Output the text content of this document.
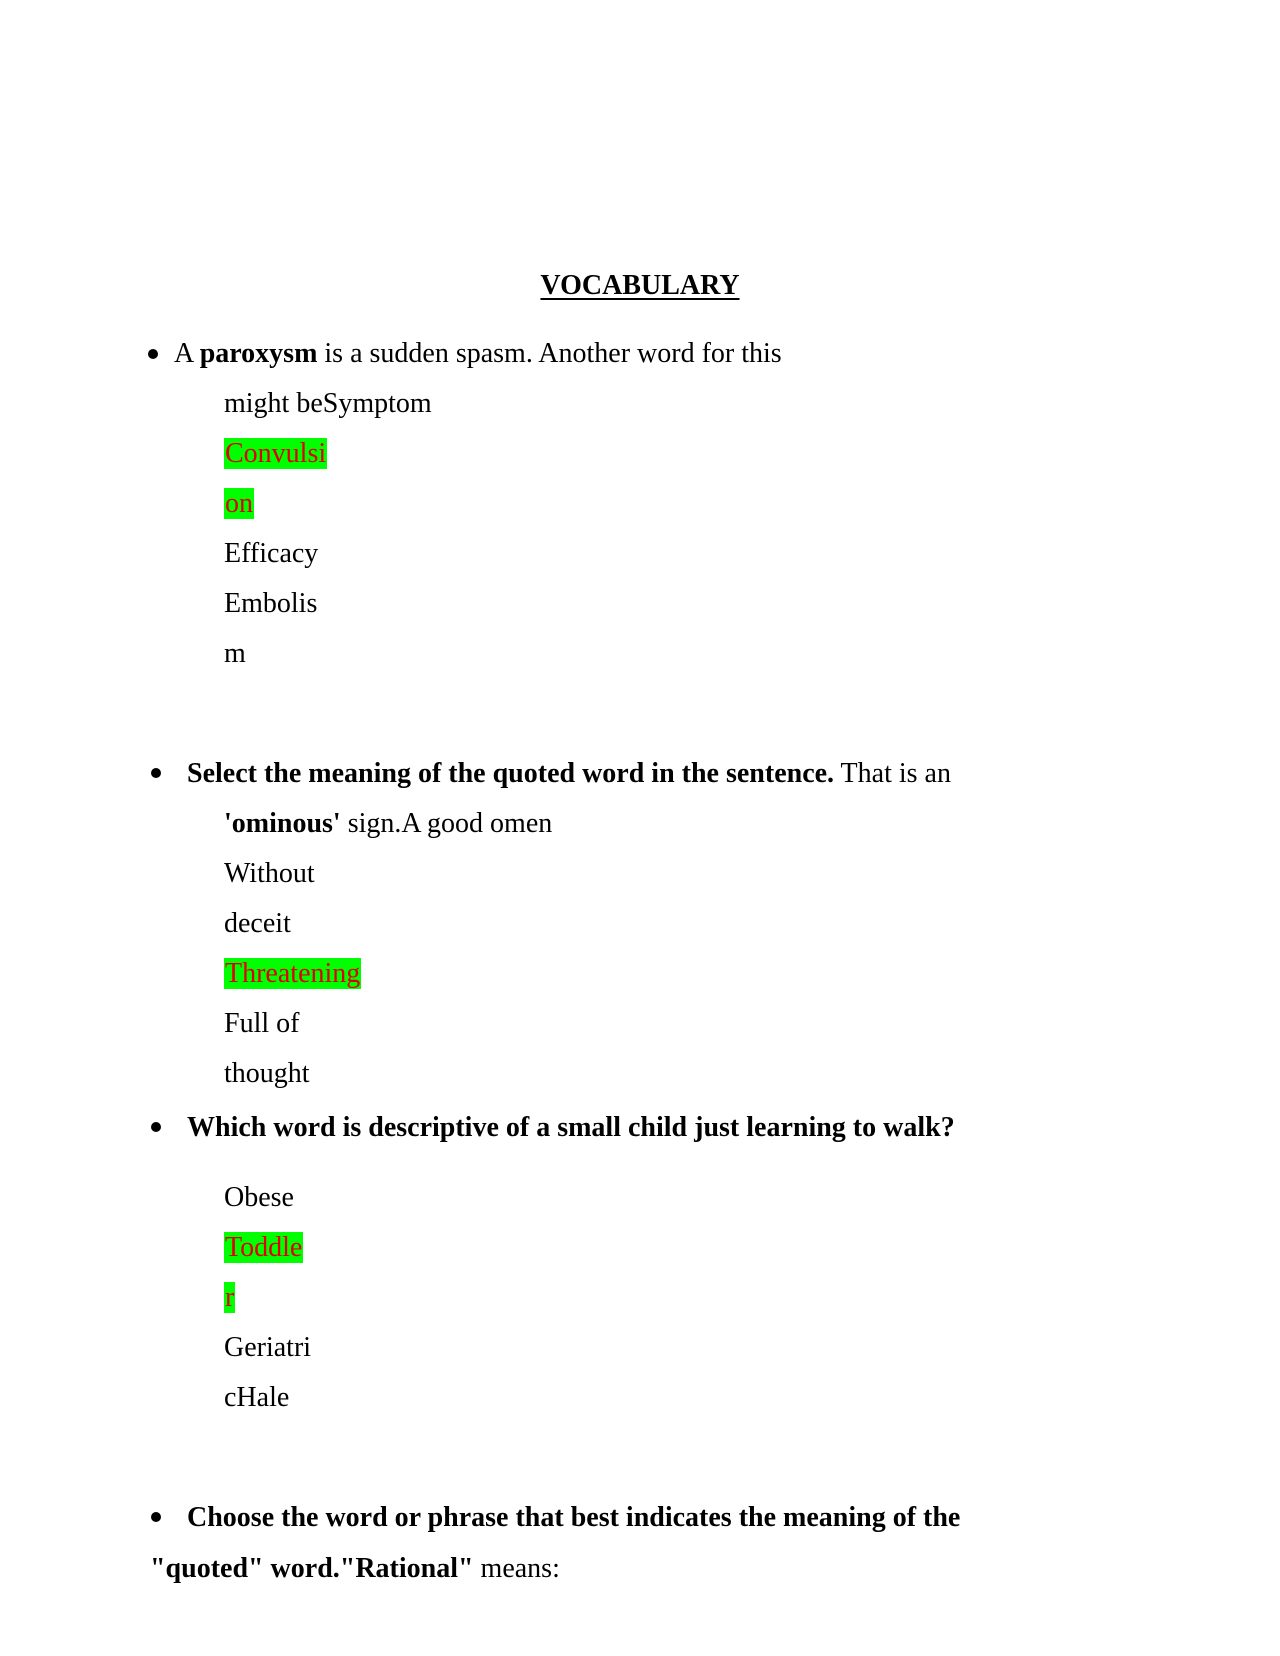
VOCABULARY
A paroxysm is a sudden spasm. Another word for this
might beSymptom
Convulsi
on
Efficacy
Embolis
m
Select the meaning of the quoted word in the sentence. That is an
'ominous' sign.A good omen
Without
deceit
Threatening
Full of
thought
Which word is descriptive of a small child just learning to walk?
Obese
Toddle
r
Geriatri
cHale
Choose the word or phrase that best indicates the meaning of the
"quoted" word."Rational" means:
